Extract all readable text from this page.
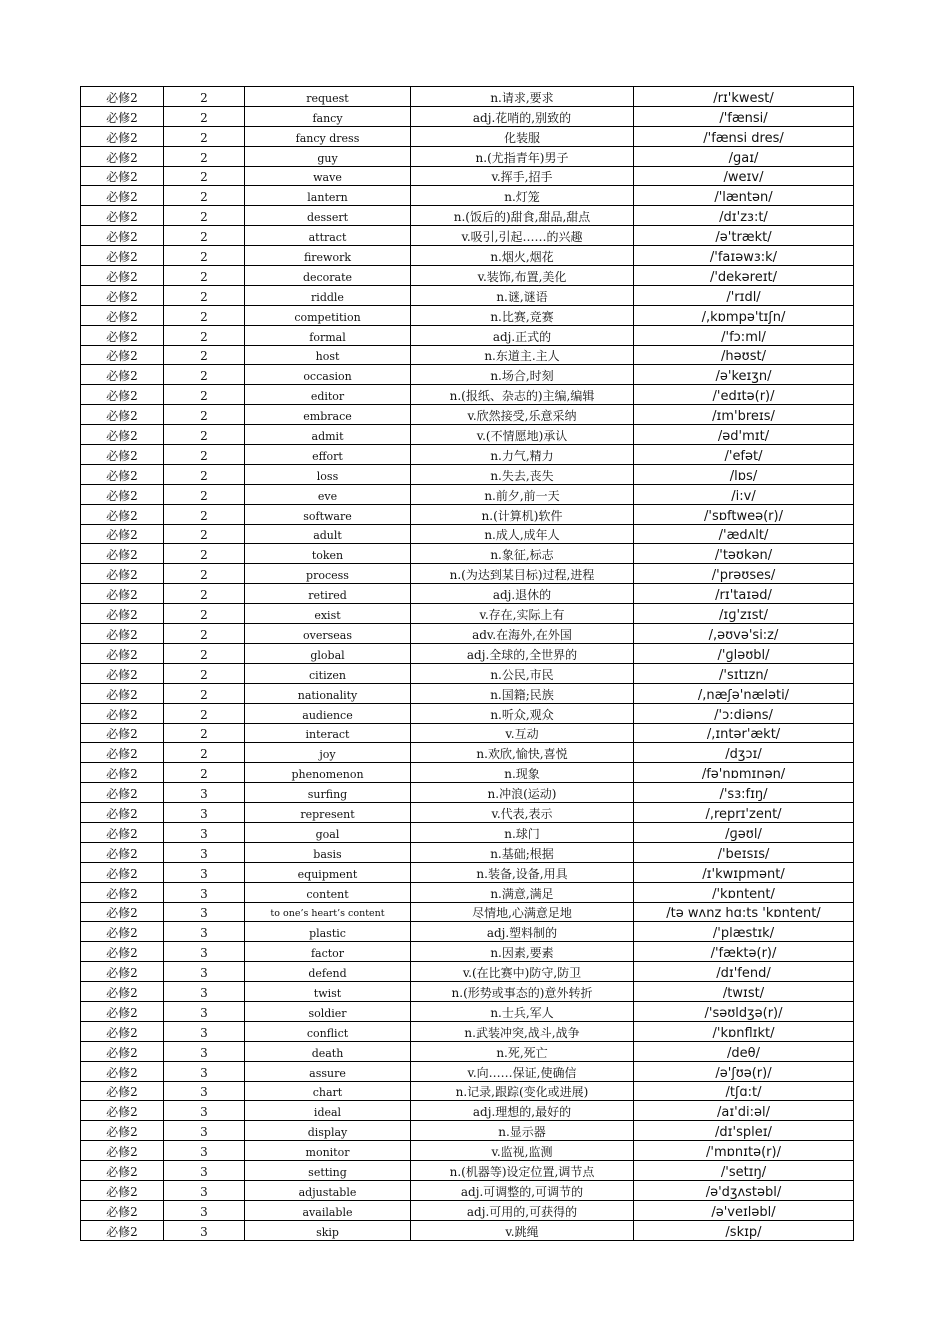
必修2	2	request	n.请求,要求	/rɪ'kwest/
必修2	2	fancy	adj.花哨的,别致的	/'fænsi/
必修2	2	fancy dress	化装服	/'fænsi dres/
必修2	2	guy	n.(尤指青年)男子	/ɡaɪ/
必修2	2	wave	v.挥手,招手	/weɪv/
必修2	2	lantern	n.灯笼	/'læntən/
必修2	2	dessert	n.(饭后的)甜食,甜品,甜点	/dɪ'zɜ:t/
必修2	2	attract	v.吸引,引起……的兴趣	/ə'trækt/
必修2	2	firework	n.烟火,烟花	/'faɪəwɜ:k/
必修2	2	decorate	v.装饰,布置,美化	/'dekəreɪt/
必修2	2	riddle	n.谜,谜语	/'rɪdl/
必修2	2	competition	n.比赛,竞赛	/,kɒmpə'tɪʃn/
必修2	2	formal	adj.正式的	/'fɔ:ml/
必修2	2	host	n.东道主.主人	/həʊst/
必修2	2	occasion	n.场合,时刻	/ə'keɪʒn/
必修2	2	editor	n.(报纸、杂志的)主编,编辑	/'edɪtə(r)/
必修2	2	embrace	v.欣然接受,乐意采纳	/ɪm'breɪs/
必修2	2	admit	v.(不情愿地)承认	/əd'mɪt/
必修2	2	effort	n.力气,精力	/'efət/
必修2	2	loss	n.失去,丧失	/lɒs/
必修2	2	eve	n.前夕,前一天	/i:v/
必修2	2	software	n.(计算机)软件	/'sɒftweə(r)/
必修2	2	adult	n.成人,成年人	/'ædʌlt/
必修2	2	token	n.象征,标志	/'təʊkən/
必修2	2	process	n.(为达到某目标)过程,进程	/'prəʊses/
必修2	2	retired	adj.退休的	/rɪ'taɪəd/
必修2	2	exist	v.存在,实际上有	/ɪɡ'zɪst/
必修2	2	overseas	adv.在海外,在外国	/,əʊvə'si:z/
必修2	2	global	adj.全球的,全世界的	/'ɡləʊbl/
必修2	2	citizen	n.公民,市民	/'sɪtɪzn/
必修2	2	nationality	n.国籍;民族	/,næʃə'næləti/
必修2	2	audience	n.听众,观众	/'ɔ:diəns/
必修2	2	interact	v.互动	/,ɪntər'ækt/
必修2	2	joy	n.欢欣,愉快,喜悦	/dʒɔɪ/
必修2	2	phenomenon	n.现象	/fə'nɒmɪnən/
必修2	3	surfing	n.冲浪(运动)	/'sɜ:fɪŋ/
必修2	3	represent	v.代表,表示	/,reprɪ'zent/
必修2	3	goal	n.球门	/ɡəʊl/
必修2	3	basis	n.基础;根据	/'beɪsɪs/
必修2	3	equipment	n.装备,设备,用具	/ɪ'kwɪpmənt/
必修2	3	content	n.满意,满足	/'kɒntent/
必修2	3	to one’s heart’s content	尽情地,心满意足地	/tə wʌnz hɑ:ts 'kɒntent/
必修2	3	plastic	adj.塑料制的	/'plæstɪk/
必修2	3	factor	n.因素,要素	/'fæktə(r)/
必修2	3	defend	v.(在比赛中)防守,防卫	/dɪ'fend/
必修2	3	twist	n.(形势或事态的)意外转折	/twɪst/
必修2	3	soldier	n.士兵,军人	/'səʊldʒə(r)/
必修2	3	conflict	n.武装冲突,战斗,战争	/'kɒnflɪkt/
必修2	3	death	n.死,死亡	/deθ/
必修2	3	assure	v.向……保证,使确信	/ə'ʃʊə(r)/
必修2	3	chart	n.记录,跟踪(变化或进展)	/tʃɑ:t/
必修2	3	ideal	adj.理想的,最好的	/aɪ'di:əl/
必修2	3	display	n.显示器	/dɪ'spleɪ/
必修2	3	monitor	v.监视,监测	/'mɒnɪtə(r)/
必修2	3	setting	n.(机器等)设定位置,调节点	/'setɪŋ/
必修2	3	adjustable	adj.可调整的,可调节的	/ə'dʒʌstəbl/
必修2	3	available	adj.可用的,可获得的	/ə'veɪləbl/
必修2	3	skip	v.跳绳	/skɪp/
